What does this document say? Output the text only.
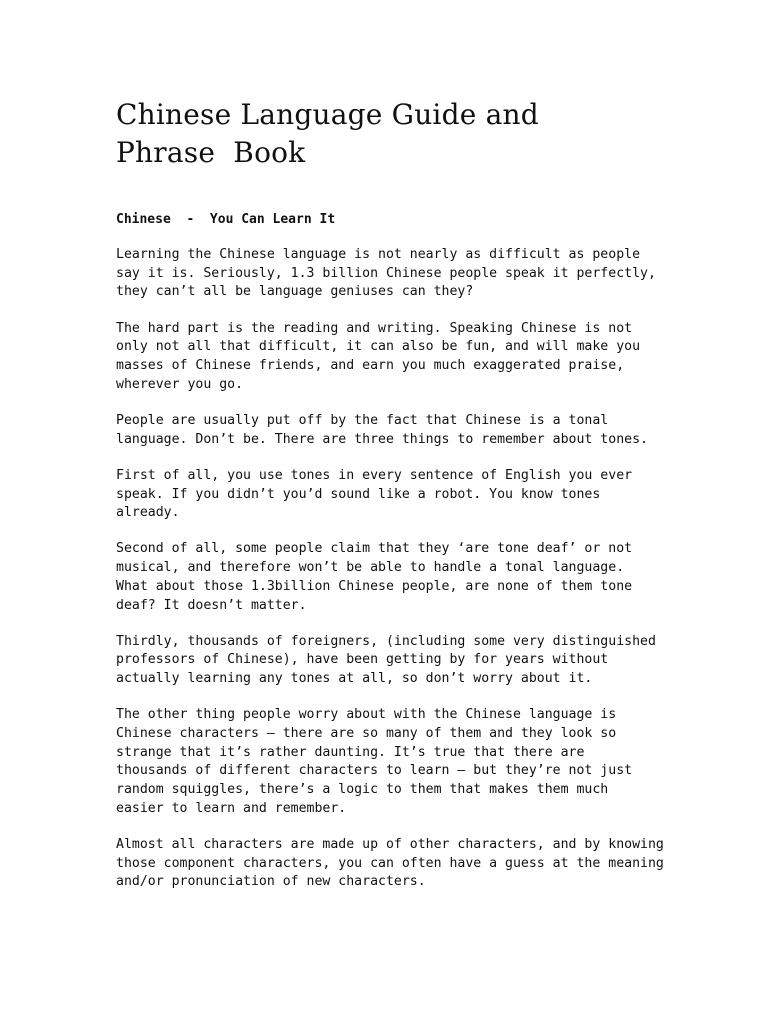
Chinese Language Guide and
Phrase  Book
Chinese  -  You Can Learn It

Learning the Chinese language is not nearly as difficult as people
say it is. Seriously, 1.3 billion Chinese people speak it perfectly,
they can’t all be language geniuses can they?

The hard part is the reading and writing. Speaking Chinese is not
only not all that difficult, it can also be fun, and will make you
masses of Chinese friends, and earn you much exaggerated praise,
wherever you go.

People are usually put off by the fact that Chinese is a tonal
language. Don’t be. There are three things to remember about tones.

First of all, you use tones in every sentence of English you ever
speak. If you didn’t you’d sound like a robot. You know tones
already.

Second of all, some people claim that they ‘are tone deaf’ or not
musical, and therefore won’t be able to handle a tonal language.
What about those 1.3billion Chinese people, are none of them tone
deaf? It doesn’t matter.

Thirdly, thousands of foreigners, (including some very distinguished
professors of Chinese), have been getting by for years without
actually learning any tones at all, so don’t worry about it.

The other thing people worry about with the Chinese language is
Chinese characters – there are so many of them and they look so
strange that it’s rather daunting. It’s true that there are
thousands of different characters to learn – but they’re not just
random squiggles, there’s a logic to them that makes them much
easier to learn and remember.

Almost all characters are made up of other characters, and by knowing
those component characters, you can often have a guess at the meaning
and/or pronunciation of new characters.
